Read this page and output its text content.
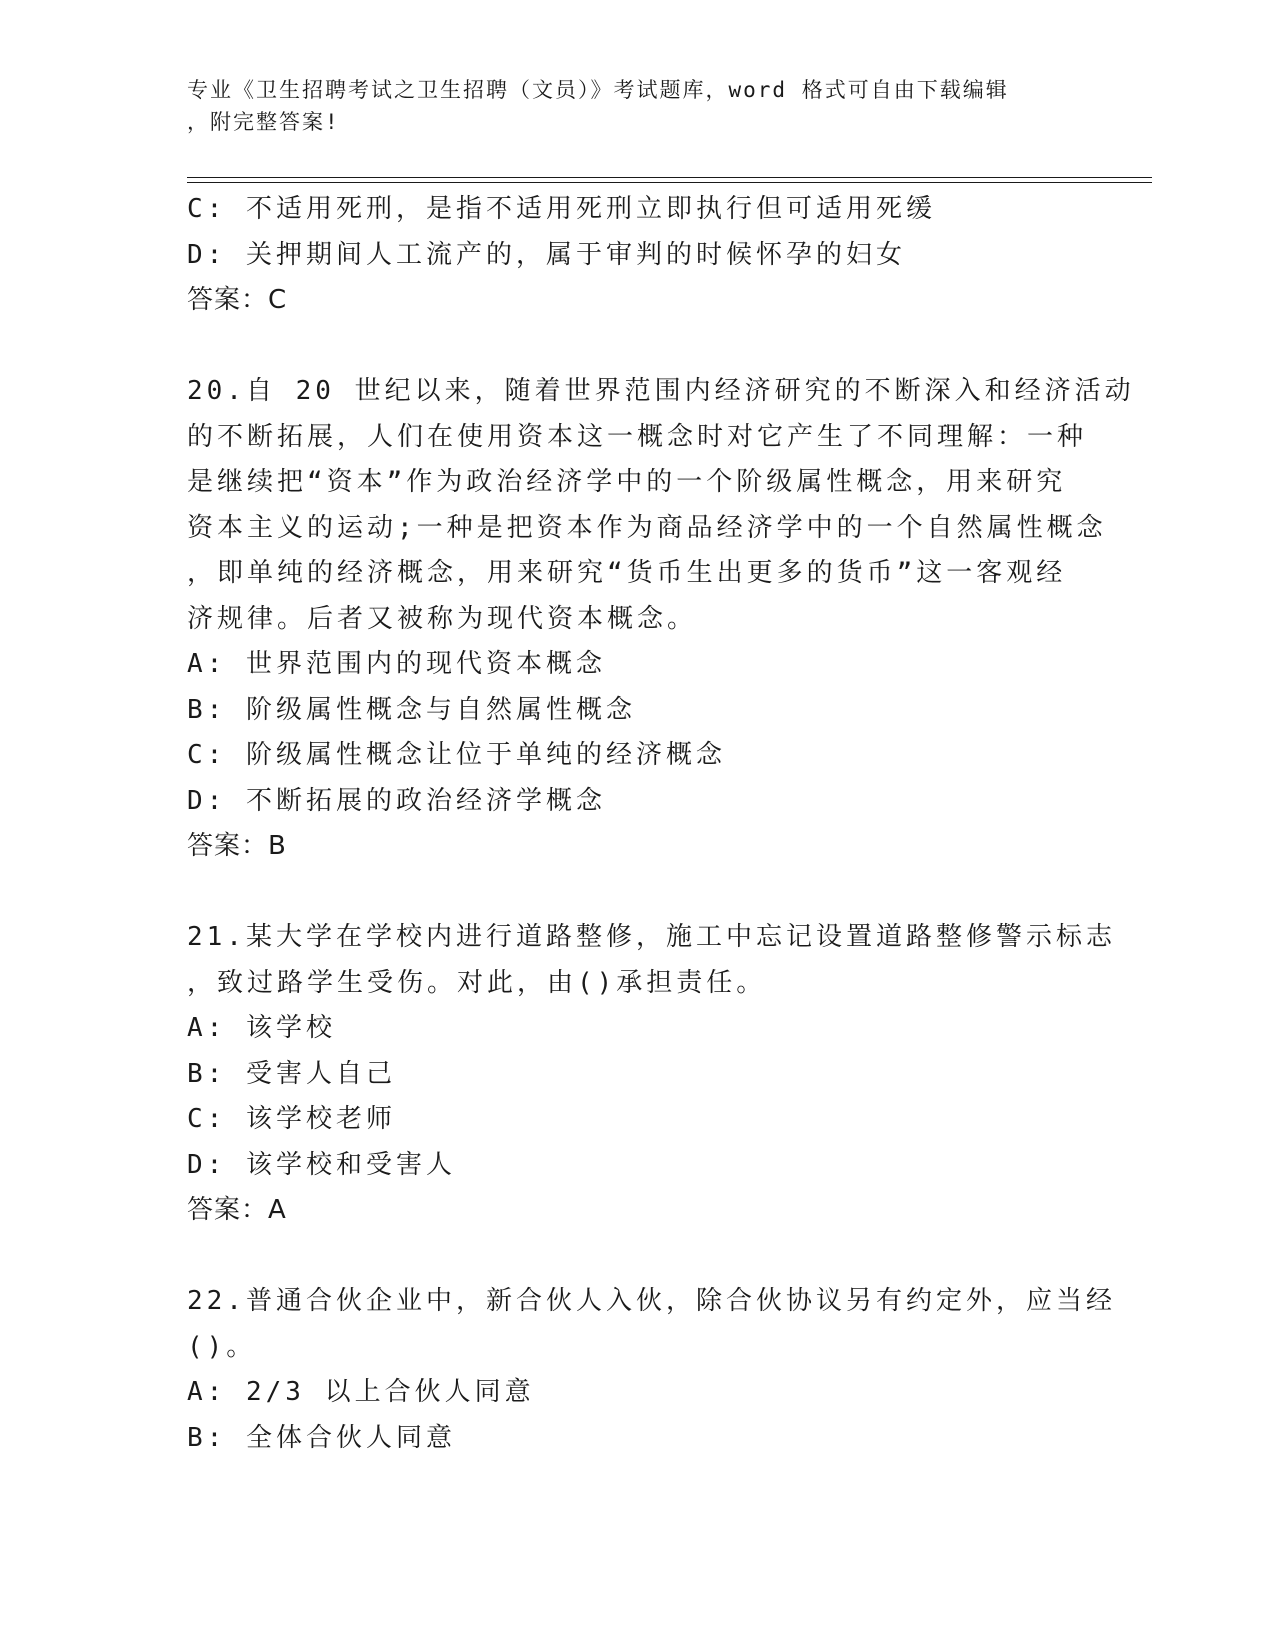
专业《卫生招聘考试之卫生招聘（文员）》考试题库，word 格式可自由下载编辑
，附完整答案!
C: 不适用死刑，是指不适用死刑立即执行但可适用死缓
D: 关押期间人工流产的，属于审判的时候怀孕的妇女
答案：C
20.自 20 世纪以来，随着世界范围内经济研究的不断深入和经济活动
的不断拓展，人们在使用资本这一概念时对它产生了不同理解：一种
是继续把“资本”作为政治经济学中的一个阶级属性概念，用来研究
资本主义的运动;一种是把资本作为商品经济学中的一个自然属性概念
，即单纯的经济概念，用来研究“货币生出更多的货币”这一客观经
济规律。后者又被称为现代资本概念。
A: 世界范围内的现代资本概念
B: 阶级属性概念与自然属性概念
C: 阶级属性概念让位于单纯的经济概念
D: 不断拓展的政治经济学概念
答案：B
21.某大学在学校内进行道路整修，施工中忘记设置道路整修警示标志
，致过路学生受伤。对此，由()承担责任。
A: 该学校
B: 受害人自己
C: 该学校老师
D: 该学校和受害人
答案：A
22.普通合伙企业中，新合伙人入伙，除合伙协议另有约定外，应当经
()。
A: 2/3 以上合伙人同意
B: 全体合伙人同意
